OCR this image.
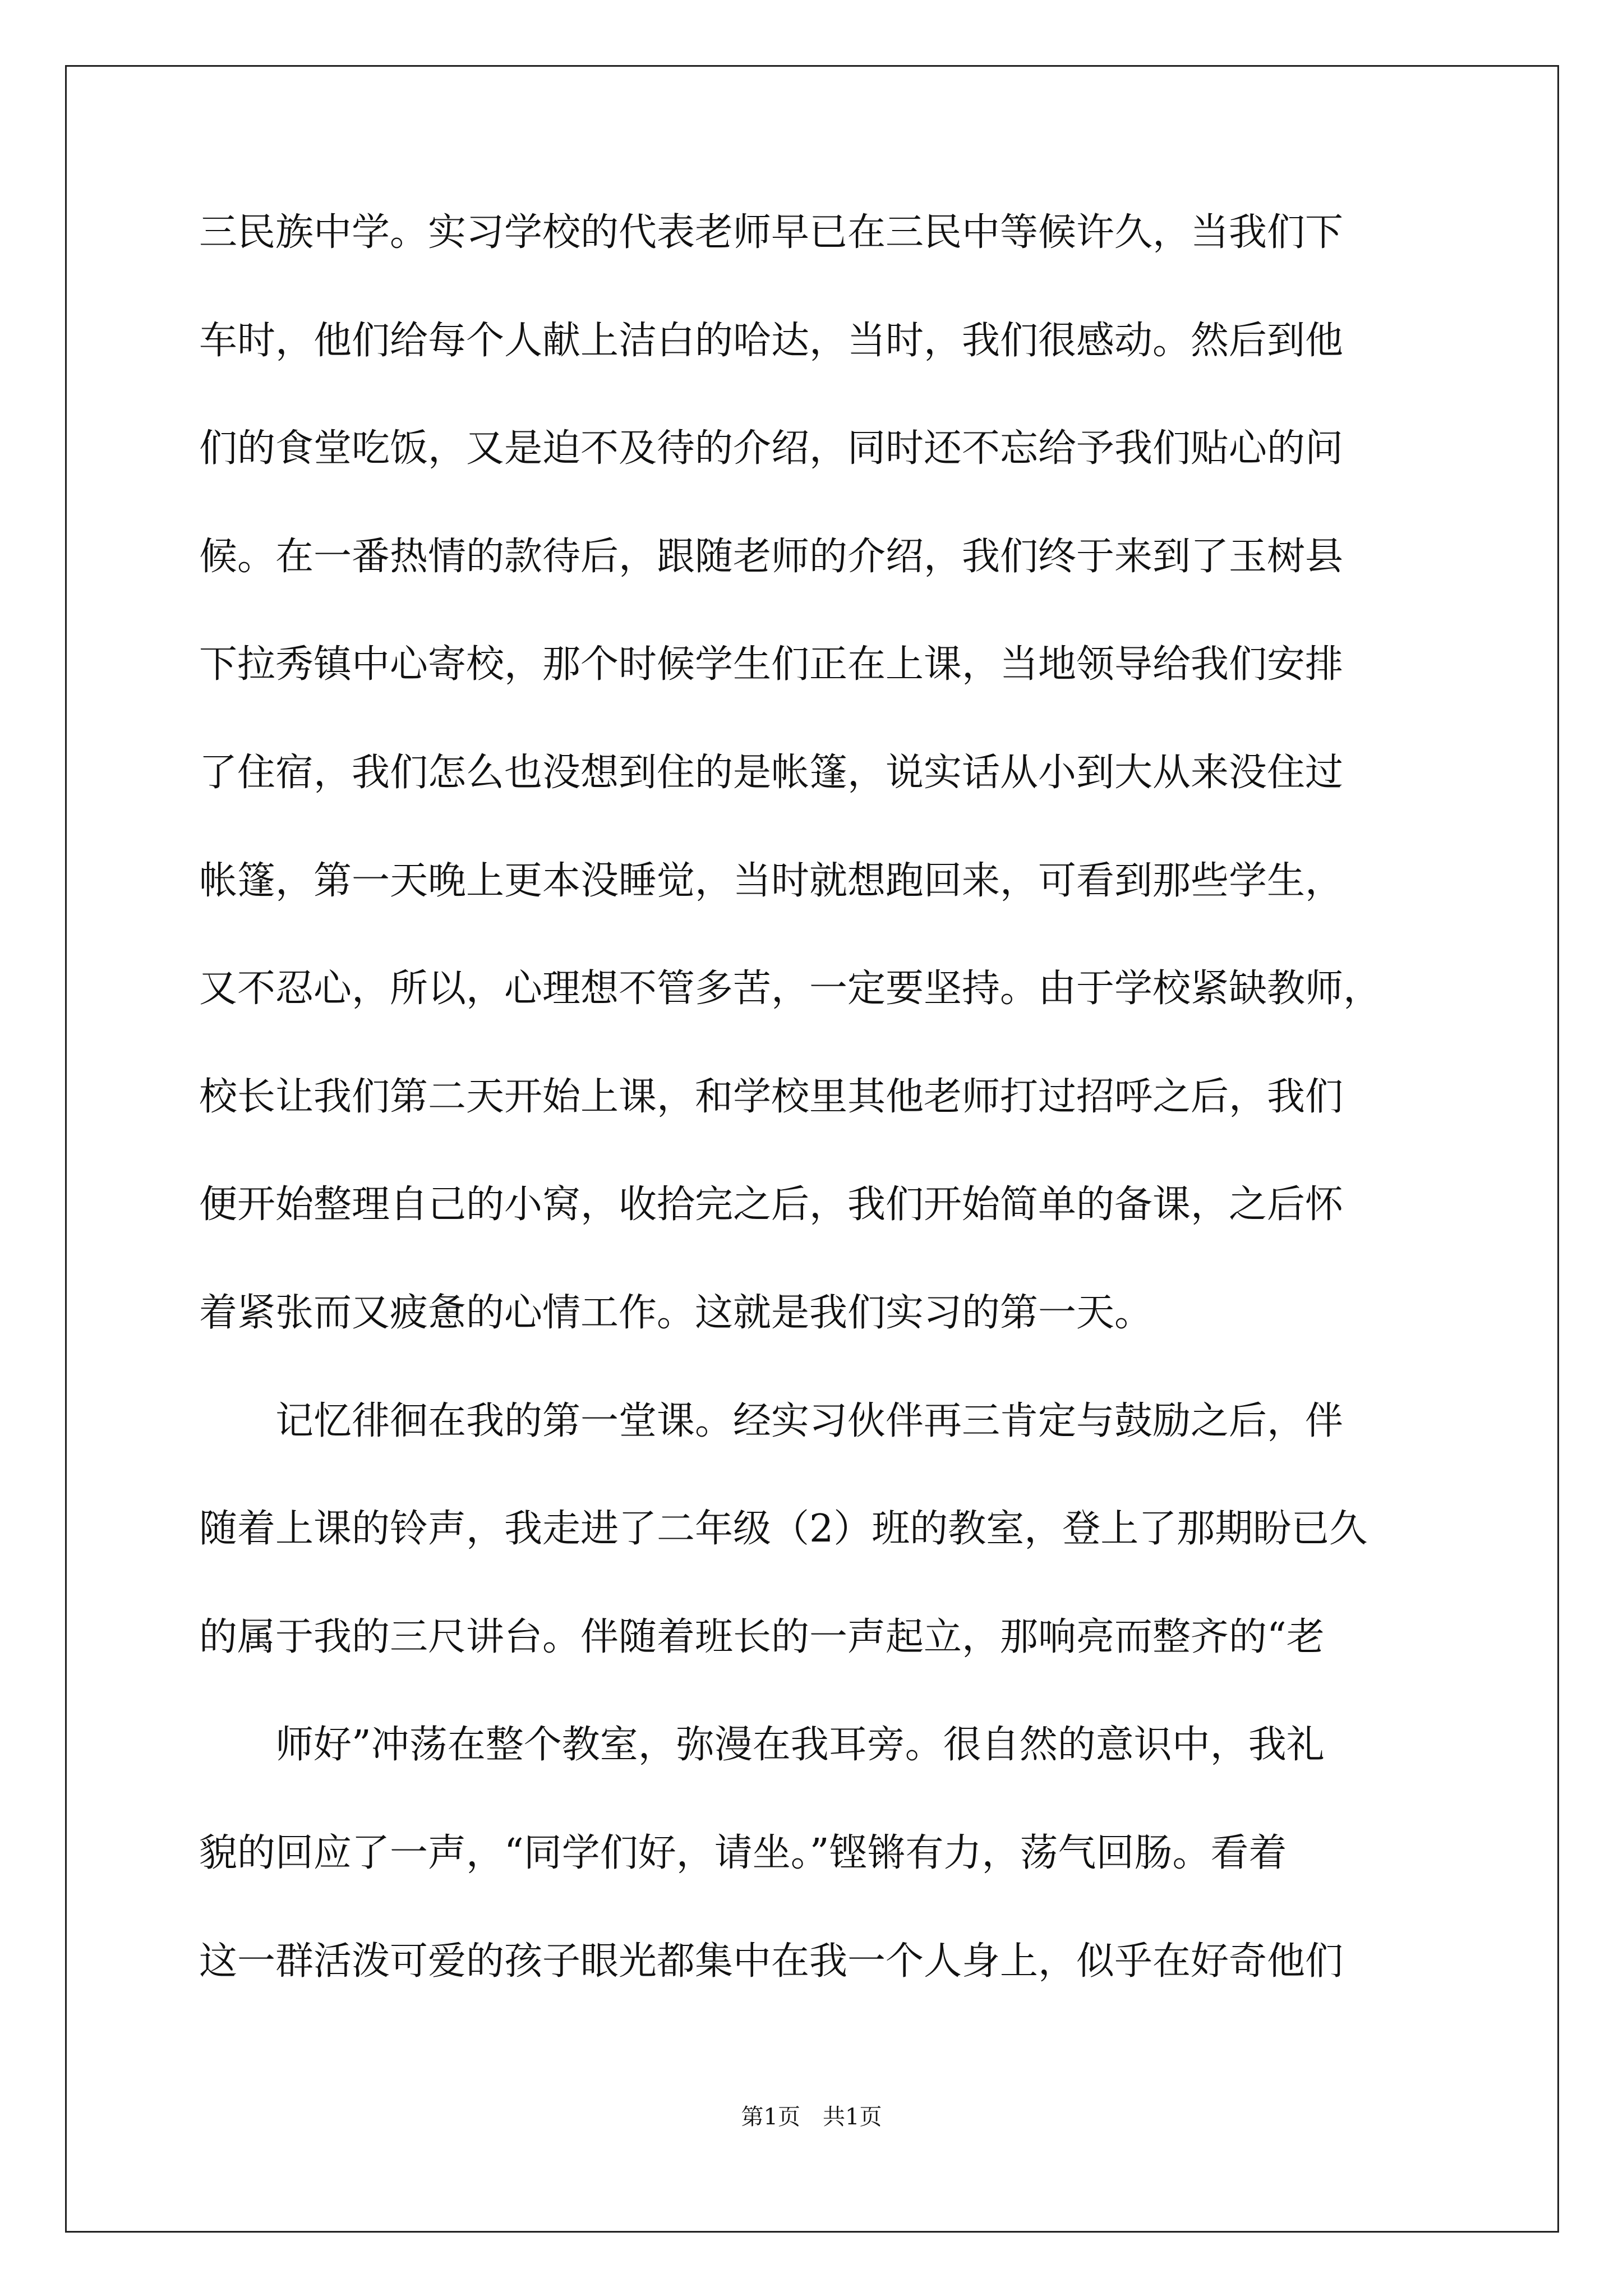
三民族中学。实习学校的代表老师早已在三民中等候许久，当我们下
车时，他们给每个人献上洁白的哈达，当时，我们很感动。然后到他
们的食堂吃饭，又是迫不及待的介绍，同时还不忘给予我们贴心的问
候。在一番热情的款待后，跟随老师的介绍，我们终于来到了玉树县
下拉秀镇中心寄校，那个时候学生们正在上课，当地领导给我们安排
了住宿，我们怎么也没想到住的是帐篷，说实话从小到大从来没住过
帐篷，第一天晚上更本没睡觉，当时就想跑回来，可看到那些学生，
又不忍心，所以，心理想不管多苦，一定要坚持。由于学校紧缺教师，
校长让我们第二天开始上课，和学校里其他老师打过招呼之后，我们
便开始整理自己的小窝，收拾完之后，我们开始简单的备课，之后怀
着紧张而又疲惫的心情工作。这就是我们实习的第一天。
记忆徘徊在我的第一堂课。经实习伙伴再三肯定与鼓励之后，伴
随着上课的铃声，我走进了二年级（2）班的教室，登上了那期盼已久
的属于我的三尺讲台。伴随着班长的一声起立，那响亮而整齐的“老
师好”冲荡在整个教室，弥漫在我耳旁。很自然的意识中，我礼
貌的回应了一声，“同学们好，请坐。”铿锵有力，荡气回肠。看着
这一群活泼可爱的孩子眼光都集中在我一个人身上，似乎在好奇他们
第1页　共1页
